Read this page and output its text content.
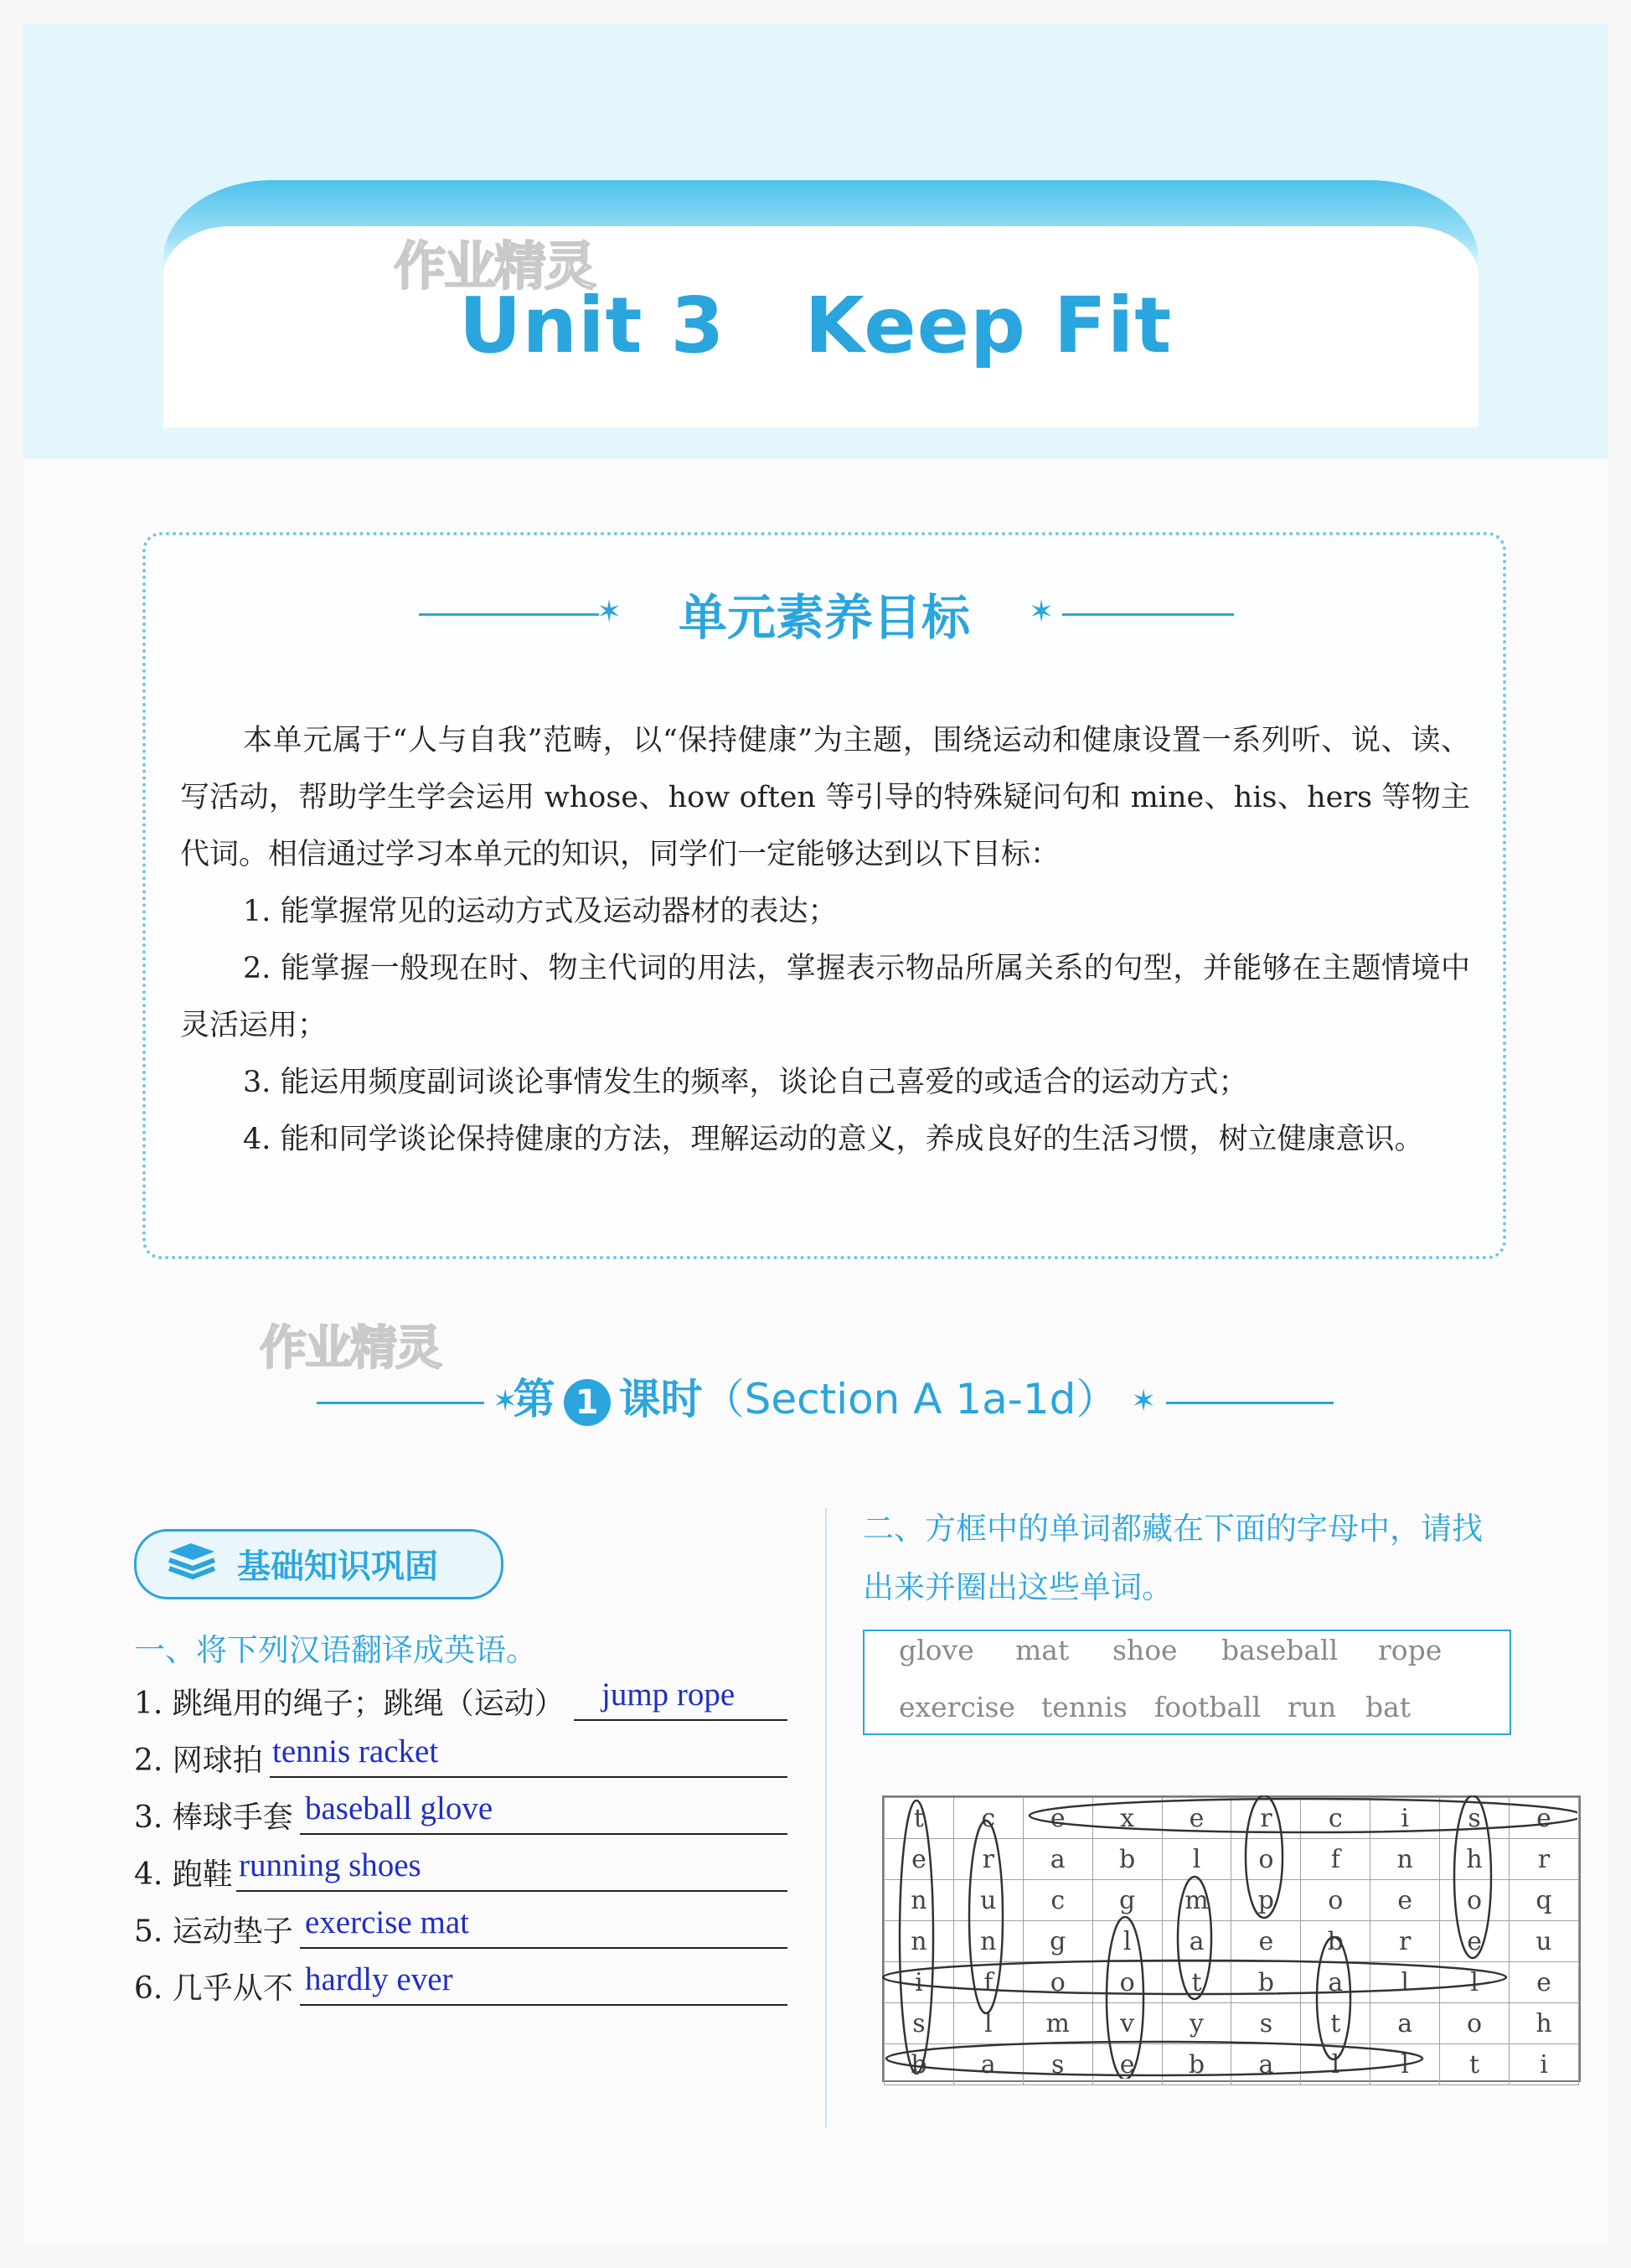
作业精灵
Unit 3 Keep Fit
✶	✶
单元素养目标

本单元属于“人与自我”范畴，以“保持健康”为主题，围绕运动和健康设置一系列听、说、读、写活动，帮助学生学会运用 whose、how often 等引导的特殊疑问句和 mine、his、hers 等物主代词。相信通过学习本单元的知识，同学们一定能够达到以下目标：

1. 能掌握常见的运动方式及运动器材的表达；

2. 能掌握一般现在时、物主代词的用法，掌握表示物品所属关系的句型，并能够在主题情境中灵活运用；

3. 能运用频度副词谈论事情发生的频率，谈论自己喜爱的或适合的运动方式；

4. 能和同学谈论保持健康的方法，理解运动的意义，养成良好的生活习惯，树立健康意识。

作业精灵
✶	✶
第 1 课时（Section A 1a-1d）
基础知识巩固
一、将下列汉语翻译成英语。
1. 跳绳用的绳子；跳绳（运动） jump rope
2. 网球拍 tennis racket
3. 棒球手套 baseball glove
4. 跑鞋 running shoes
5. 运动垫子 exercise mat
6. 几乎从不 hardly ever
二、方框中的单词都藏在下面的字母中，请找
出来并圈出这些单词。
glove mat shoe baseball rope
exercise tennis football run bat
t	c	e	x	e	r	c	i	s	e
e	r	a	b	l	o	f	n	h	r
n	u	c	g	m	p	o	e	o	q
n	n	g	l	a	e	b	r	e	u
i	f	o	o	t	b	a	l	l	e
s	l	m	v	y	s	t	a	o	h
b	a	s	e	b	a	l	l	t	i
